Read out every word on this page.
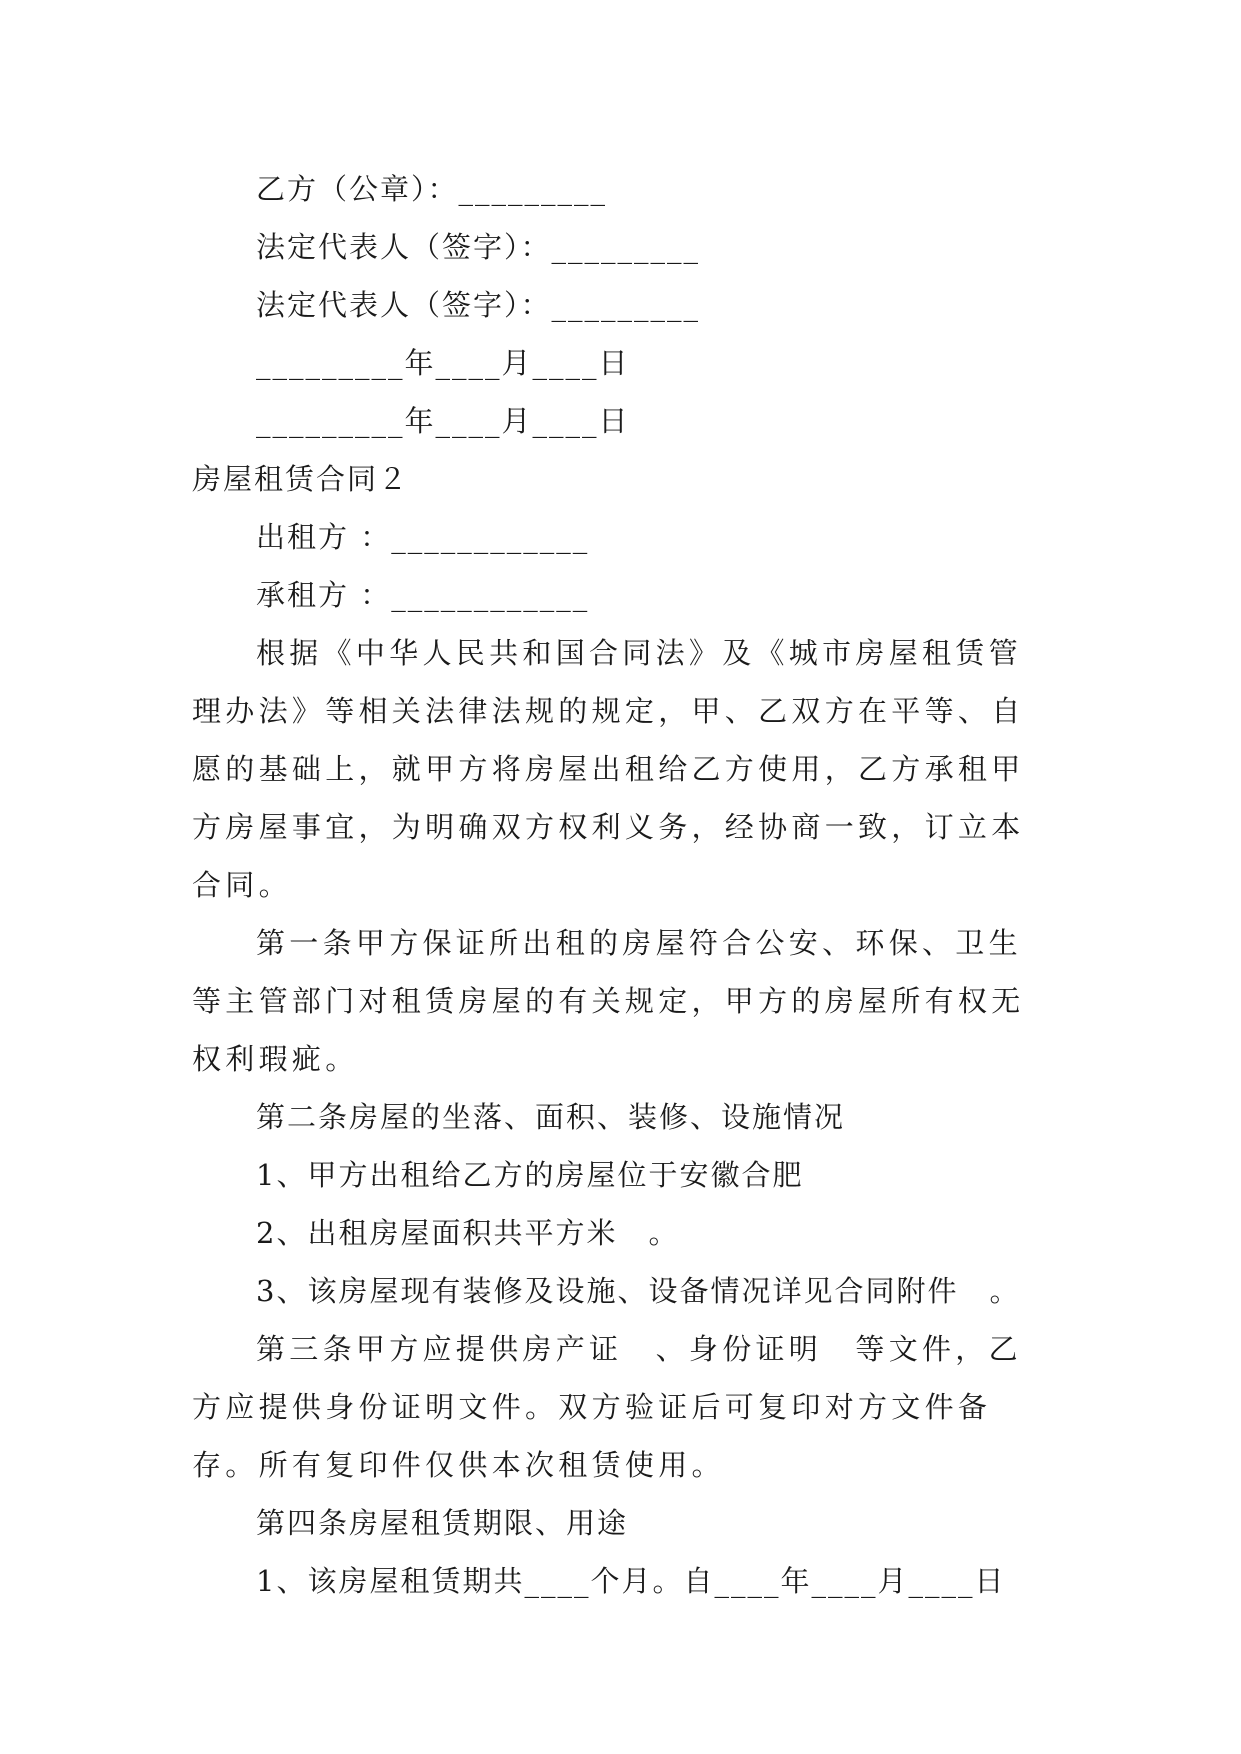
乙方（公章）：_________
法定代表人（签字）：_________
法定代表人（签字）：_________
_________年____月____日
_________年____月____日
房屋租赁合同２
出租方 ：____________
承租方 ：____________
根据《中华人民共和国合同法》及《城市房屋租赁管理办法》等相关法律法规的规定，甲、乙双方在平等、自愿的基础上，就甲方将房屋出租给乙方使用，乙方承租甲方房屋事宜，为明确双方权利义务，经协商一致，订立本合同。
第一条甲方保证所出租的房屋符合公安、环保、卫生等主管部门对租赁房屋的有关规定，甲方的房屋所有权无权利瑕疵。
第二条房屋的坐落、面积、装修、设施情况
1、甲方出租给乙方的房屋位于安徽合肥
2、出租房屋面积共平方米　。
3、该房屋现有装修及设施、设备情况详见合同附件　。
第三条甲方应提供房产证　、身份证明　等文件，乙方应提供身份证明文件。双方验证后可复印对方文件备存。所有复印件仅供本次租赁使用。
第四条房屋租赁期限、用途
1、该房屋租赁期共____个月。自____年____月____日
